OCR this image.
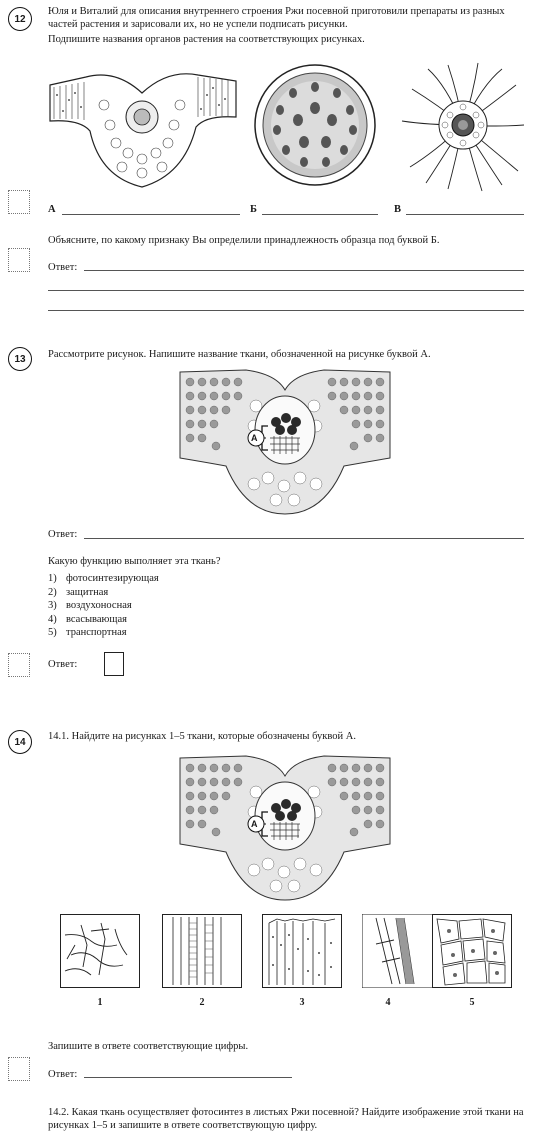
12
Юля и Виталий для описания внутреннего строения Ржи посевной приготовили препараты из разных частей растения и зарисовали их, но не успели подписать рисунки.
Подпишите названия органов растения на соответствующих рисунках.
А	Б	В
Объясните, по какому признаку Вы определили принадлежность образца под буквой Б.
Ответ:
13	Рассмотрите рисунок. Напишите название ткани, обозначенной на рисунке буквой А.
А
Ответ:
Какую функцию выполняет эта ткань?
1) фотосинтезирующая
2) защитная
3) воздухоносная
4) всасывающая
5) транспортная
Ответ:
14	14.1. Найдите на рисунках 1–5 ткани, которые обозначены буквой А.
А
1	2	3	4	5
Запишите в ответе соответствующие цифры.
Ответ:
14.2. Какая ткань осуществляет фотосинтез в листьях Ржи посевной? Найдите изображение этой ткани на рисунках 1–5 и запишите в ответе соответствующую цифру.
